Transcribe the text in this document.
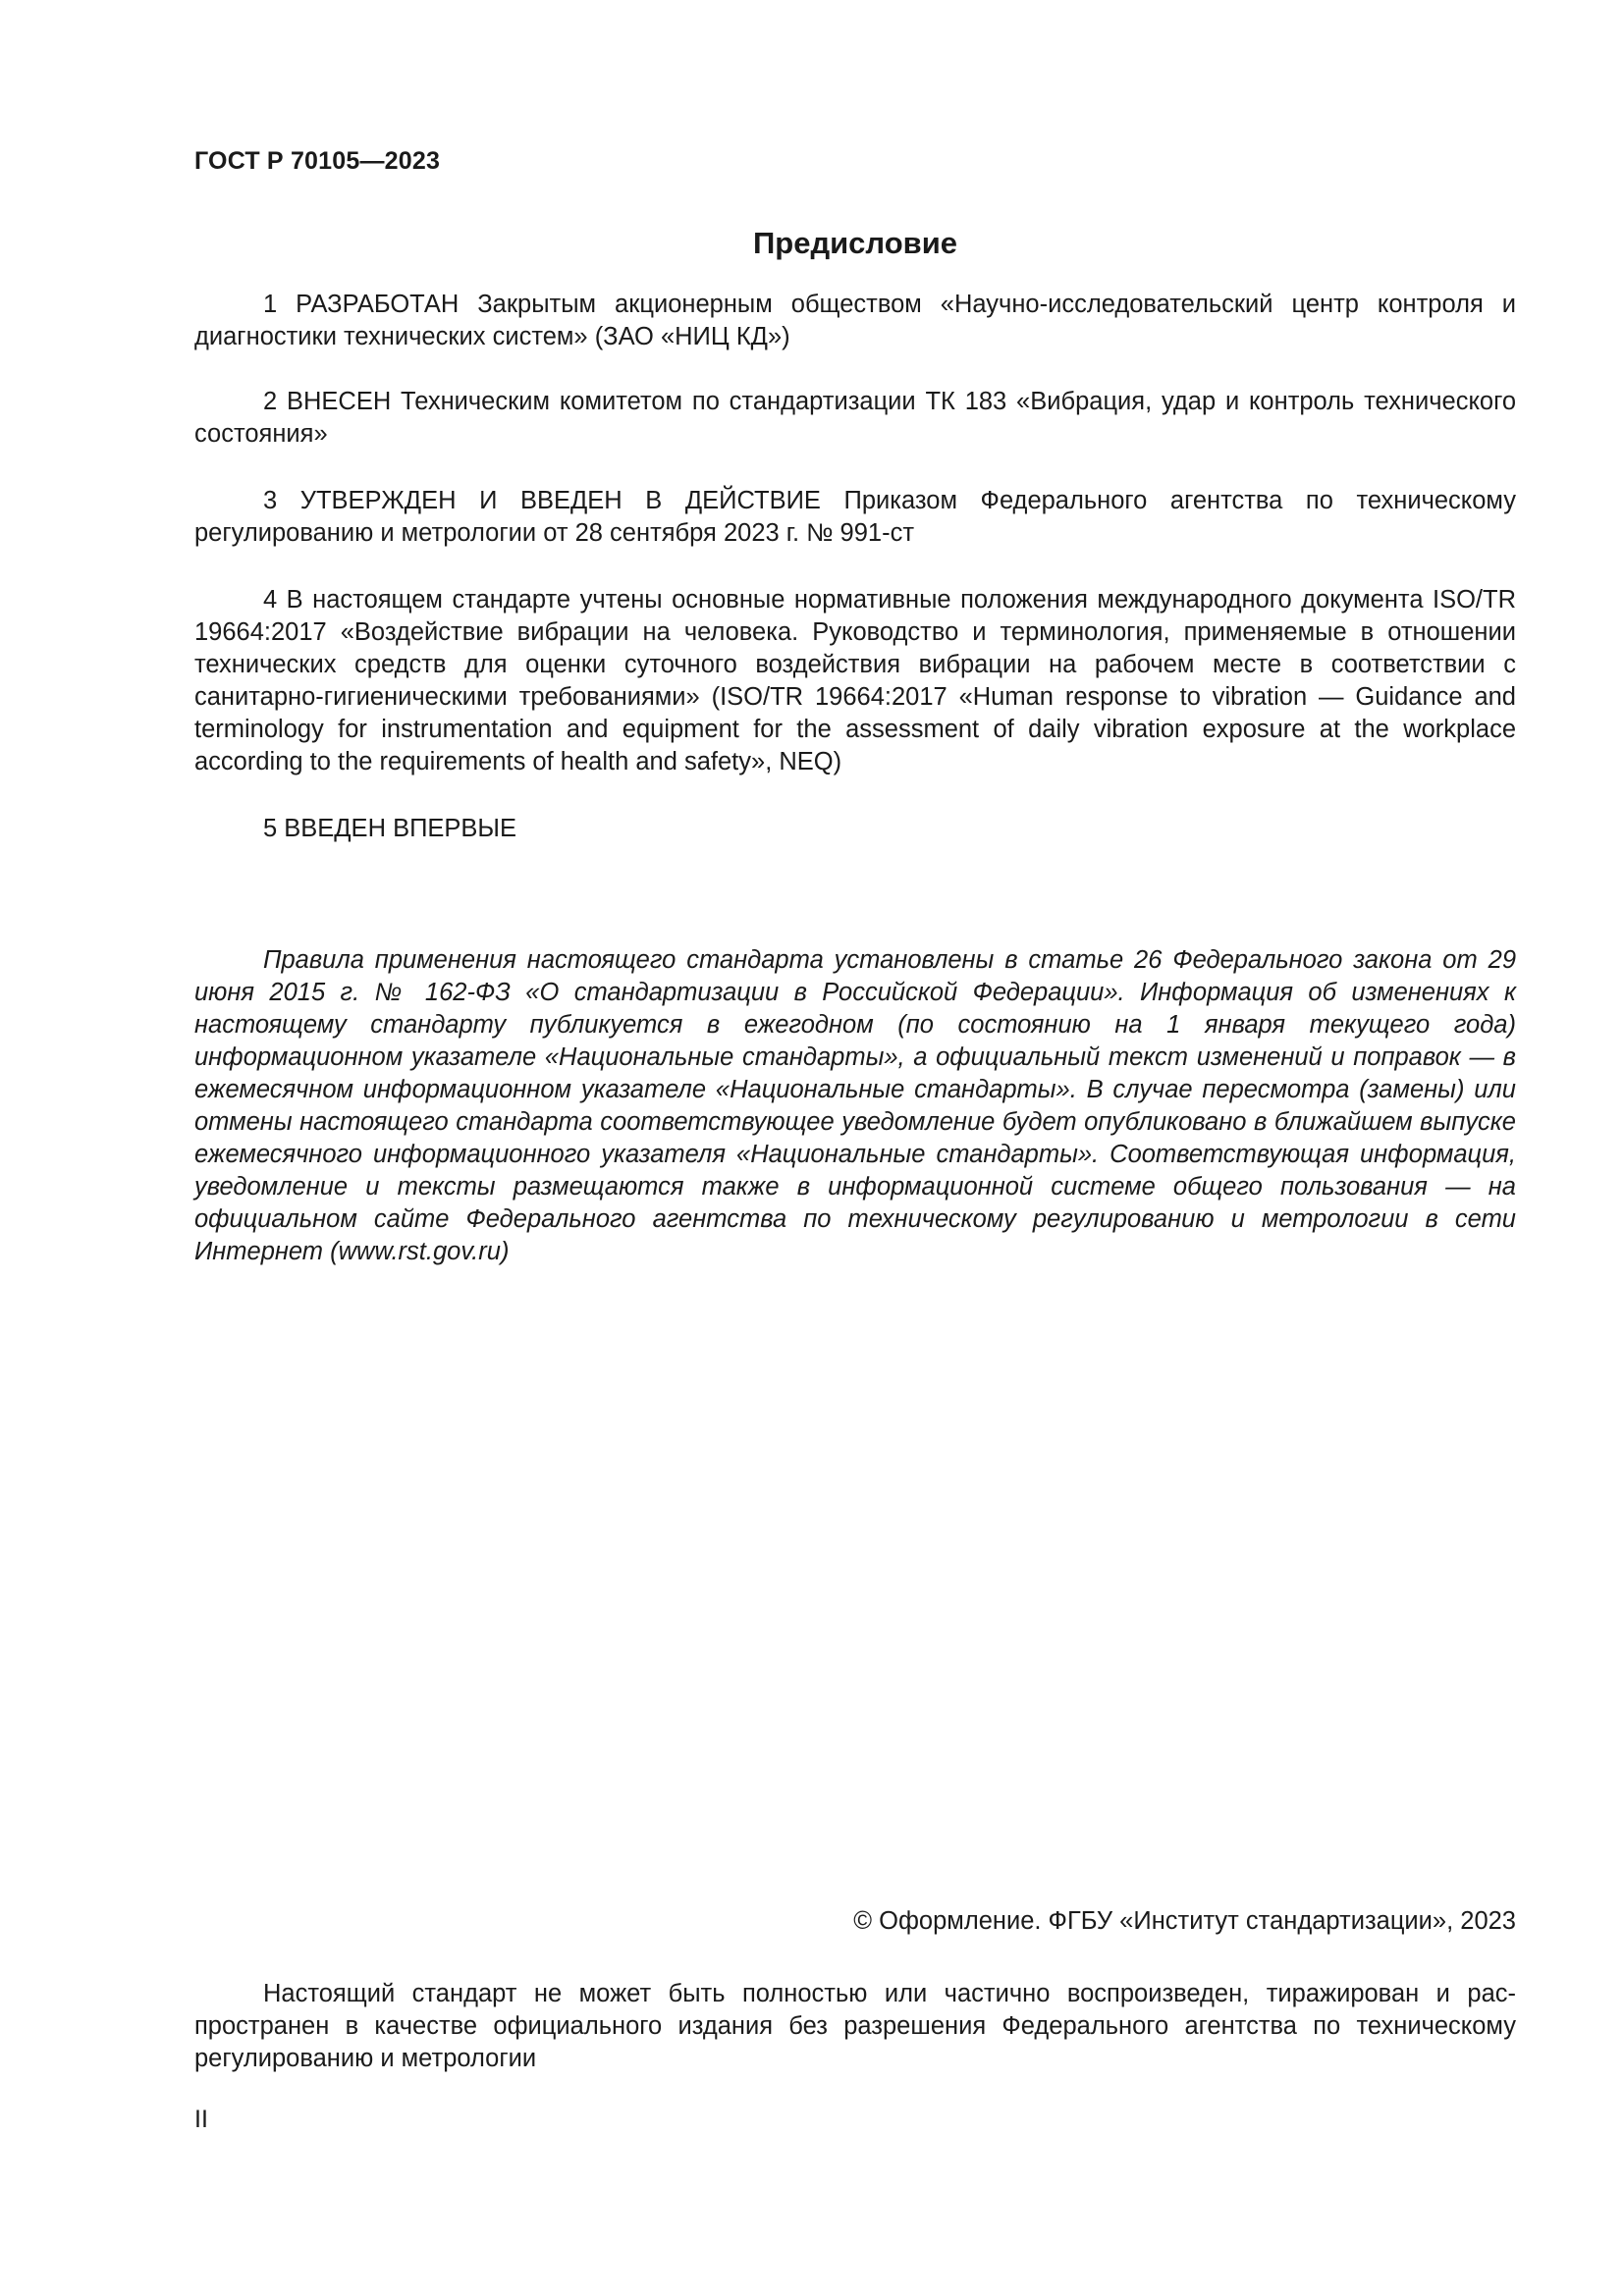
ГОСТ Р 70105—2023
Предисловие

1 РАЗРАБОТАН Закрытым акционерным обществом «Научно-исследовательский центр контроля и диагностики технических систем» (ЗАО «НИЦ КД»)

2 ВНЕСЕН Техническим комитетом по стандартизации ТК 183 «Вибрация, удар и контроль технического состояния»

3 УТВЕРЖДЕН И ВВЕДЕН В ДЕЙСТВИЕ Приказом Федерального агентства по техническому регулированию и метрологии от 28 сентября 2023 г. № 991-ст

4 В настоящем стандарте учтены основные нормативные положения международного документа ISO/TR 19664:2017 «Воздействие вибрации на человека. Руководство и терминология, применяемые в отношении технических средств для оценки суточного воздействия вибрации на рабочем месте в соответствии с санитарно-гигиеническими требованиями» (ISO/TR 19664:2017 «Human response to vibration — Guidance and terminology for instrumentation and equipment for the assessment of daily vibration exposure at the workplace according to the requirements of health and safety», NEQ)

5 ВВЕДЕН ВПЕРВЫЕ

Правила применения настоящего стандарта установлены в статье 26 Федерального закона от 29 июня 2015 г. № 162-ФЗ «О стандартизации в Российской Федерации». Информация об изменениях к настоящему стандарту публикуется в ежегодном (по состоянию на 1 января текущего года) информационном указателе «Национальные стандарты», а официальный текст изменений и поправок — в ежемесячном информационном указателе «Национальные стандарты». В случае пересмотра (замены) или отмены настоящего стандарта соответствующее уведомление будет опубликовано в ближайшем выпуске ежемесячного информационного указателя «Национальные стандарты». Соответствующая информация, уведомление и тексты размещаются также в информационной системе общего пользования — на официальном сайте Федерального агентства по техническому регулированию и метрологии в сети Интернет (www.rst.gov.ru)

© Оформление. ФГБУ «Институт стандартизации», 2023

Настоящий стандарт не может быть полностью или частично воспроизведен, тиражирован и распространен в качестве официального издания без разрешения Федерального агентства по техническому регулированию и метрологии

II
